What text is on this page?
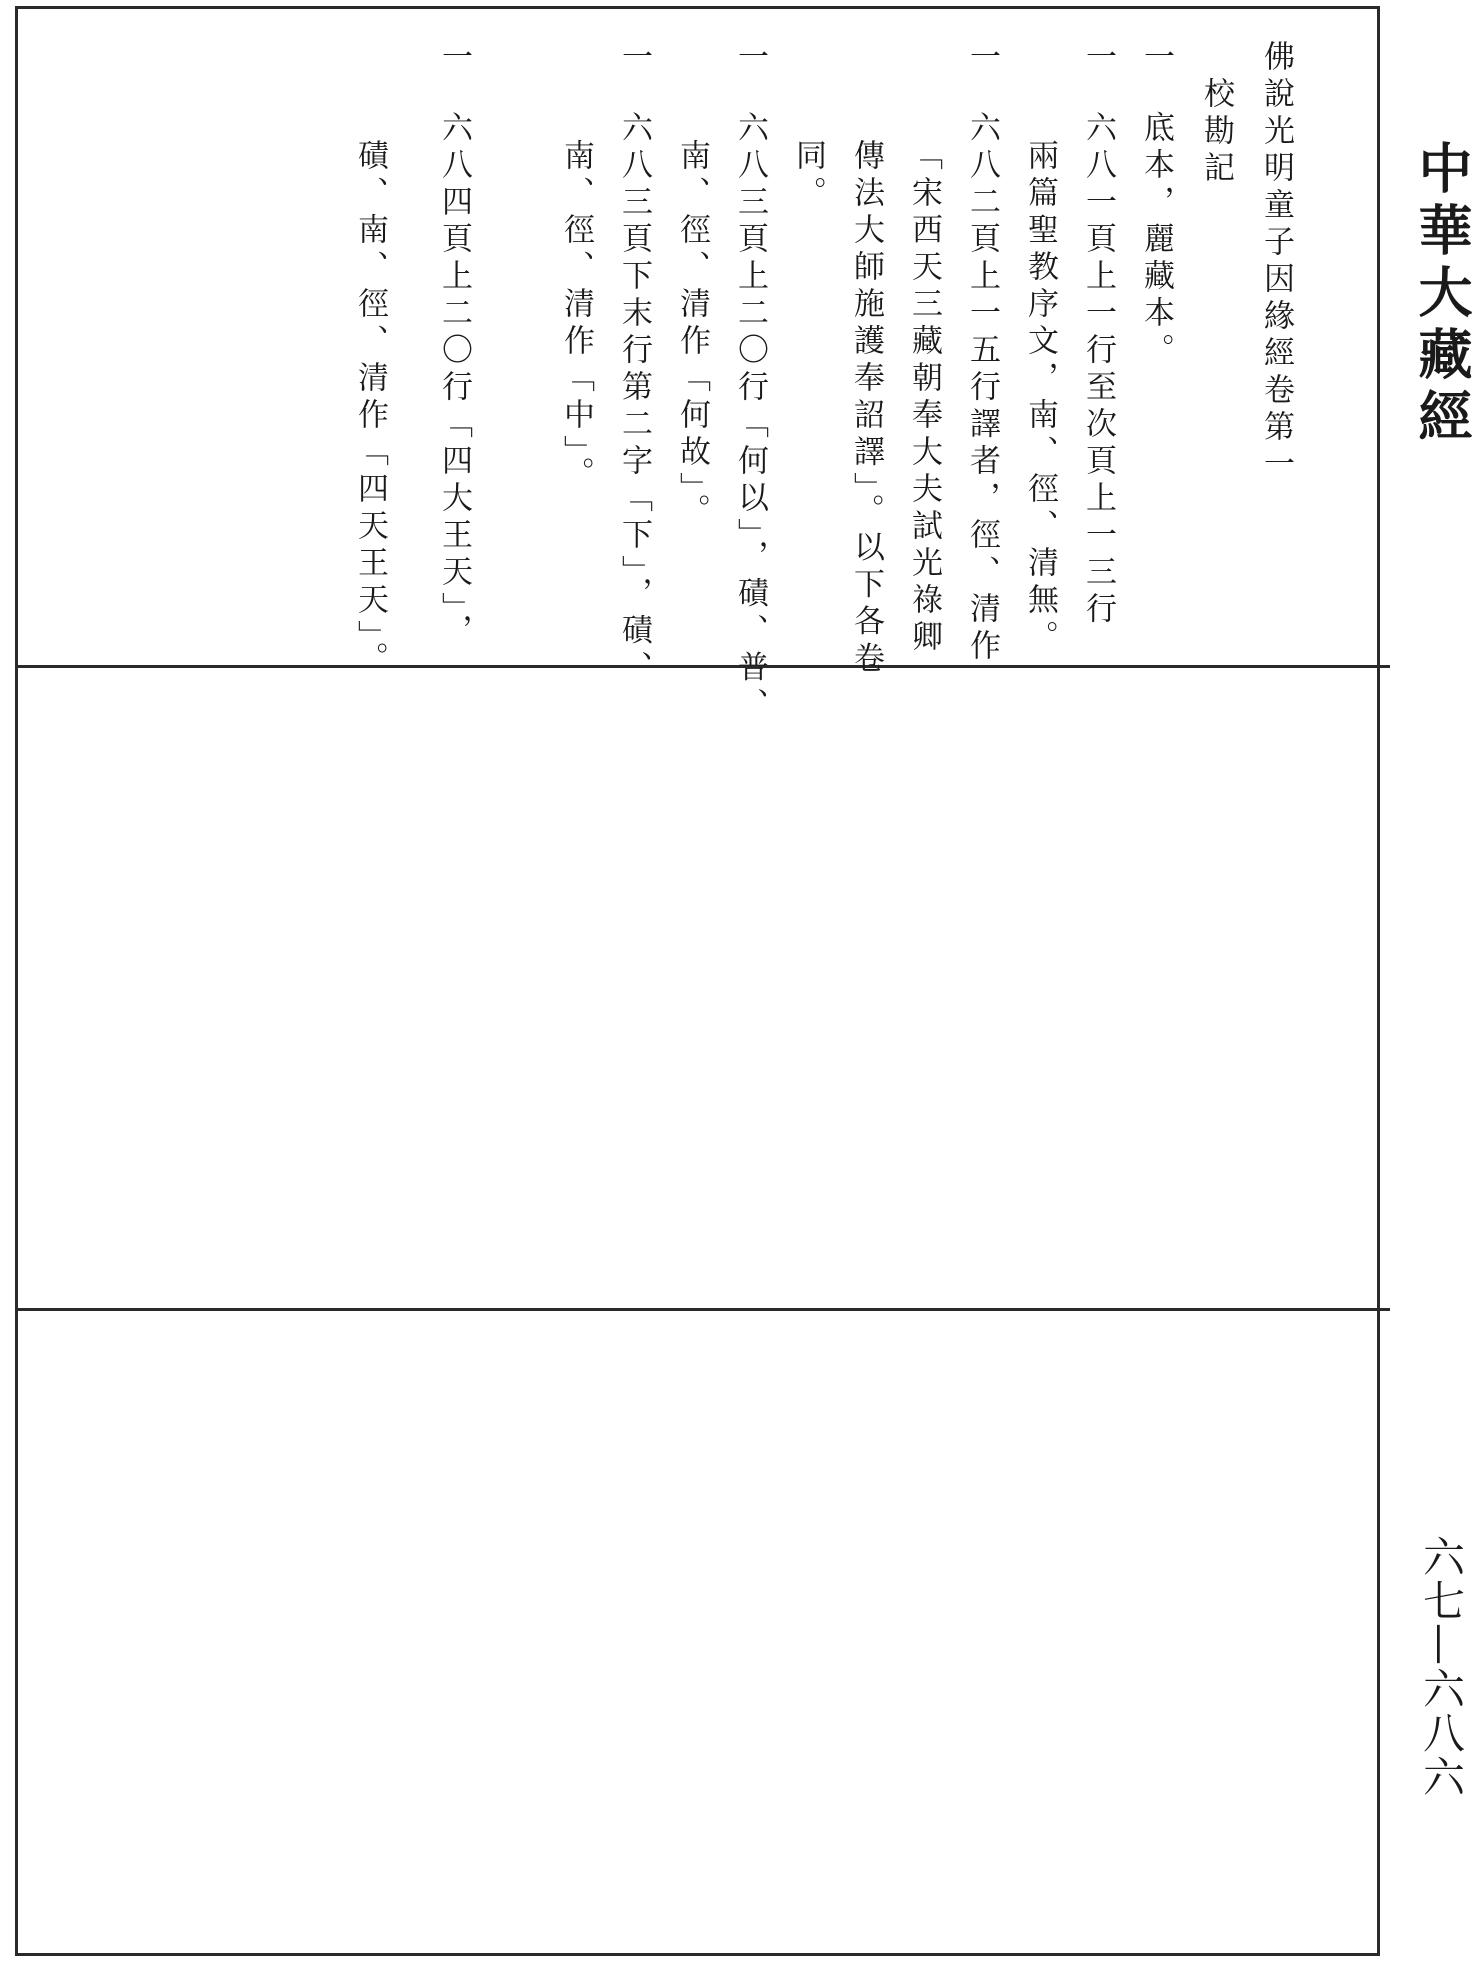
中華大藏經
六七—六八六
佛說光明童子因緣經卷第一
　校勘記
一底本，麗藏本。
一六八一頁上一行至次頁上一三行
兩篇聖教序文，南、徑、清無。
一六八二頁上一五行譯者，徑、清作
「宋西天三藏朝奉大夫試光祿卿
傳法大師施護奉詔譯」。以下各卷
同。
一六八三頁上二〇行「何以」，磧、普、
南、徑、清作「何故」。
一六八三頁下末行第二字「下」，磧、
南、徑、清作「中」。
一六八四頁上二〇行「四大王天」，
磧、南、徑、清作「四天王天」。
